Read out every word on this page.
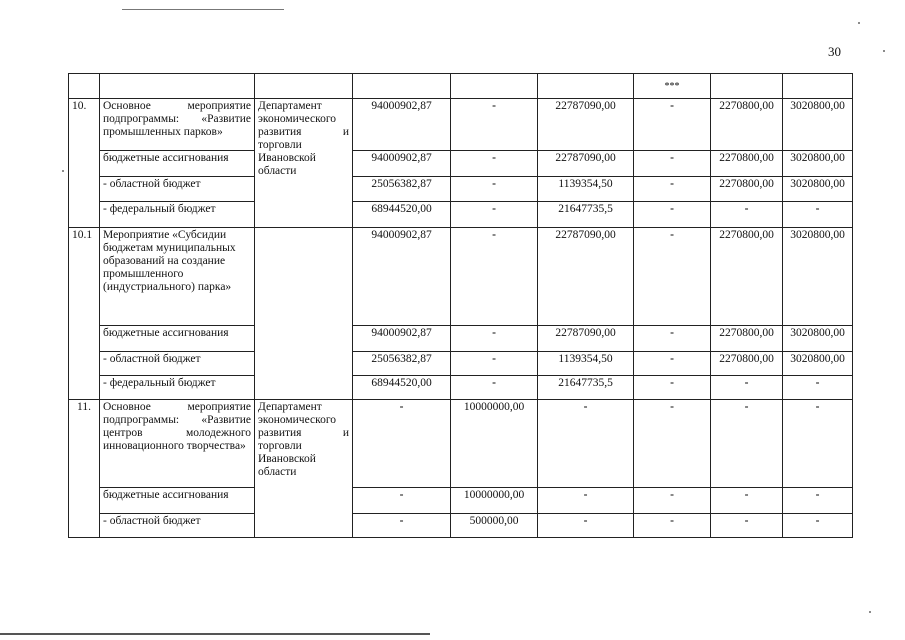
30
						***		
10.	Основное мероприятие подпрограммы: «Развитие промышленных парков»	Департамент экономического развития и торговли Ивановской области	94000902,87	-	22787090,00	-	2270800,00	3020800,00
	бюджетные ассигнования		94000902,87	-	22787090,00	-	2270800,00	3020800,00
	- областной бюджет		25056382,87	-	1139354,50	-	2270800,00	3020800,00
	- федеральный бюджет		68944520,00	-	21647735,5	-	-	-
10.1	Мероприятие «Субсидии бюджетам муниципальных образований на создание промышленного (индустриального) парка»		94000902,87	-	22787090,00	-	2270800,00	3020800,00
	бюджетные ассигнования		94000902,87	-	22787090,00	-	2270800,00	3020800,00
	- областной бюджет		25056382,87	-	1139354,50	-	2270800,00	3020800,00
	- федеральный бюджет		68944520,00	-	21647735,5	-	-	-
11.	Основное мероприятие подпрограммы: «Развитие центров молодежного инновационного творчества»	Департамент экономического развития и торговли Ивановской области	-	10000000,00	-	-	-	-
	бюджетные ассигнования		-	10000000,00	-	-	-	-
	- областной бюджет		-	500000,00	-	-	-	-
